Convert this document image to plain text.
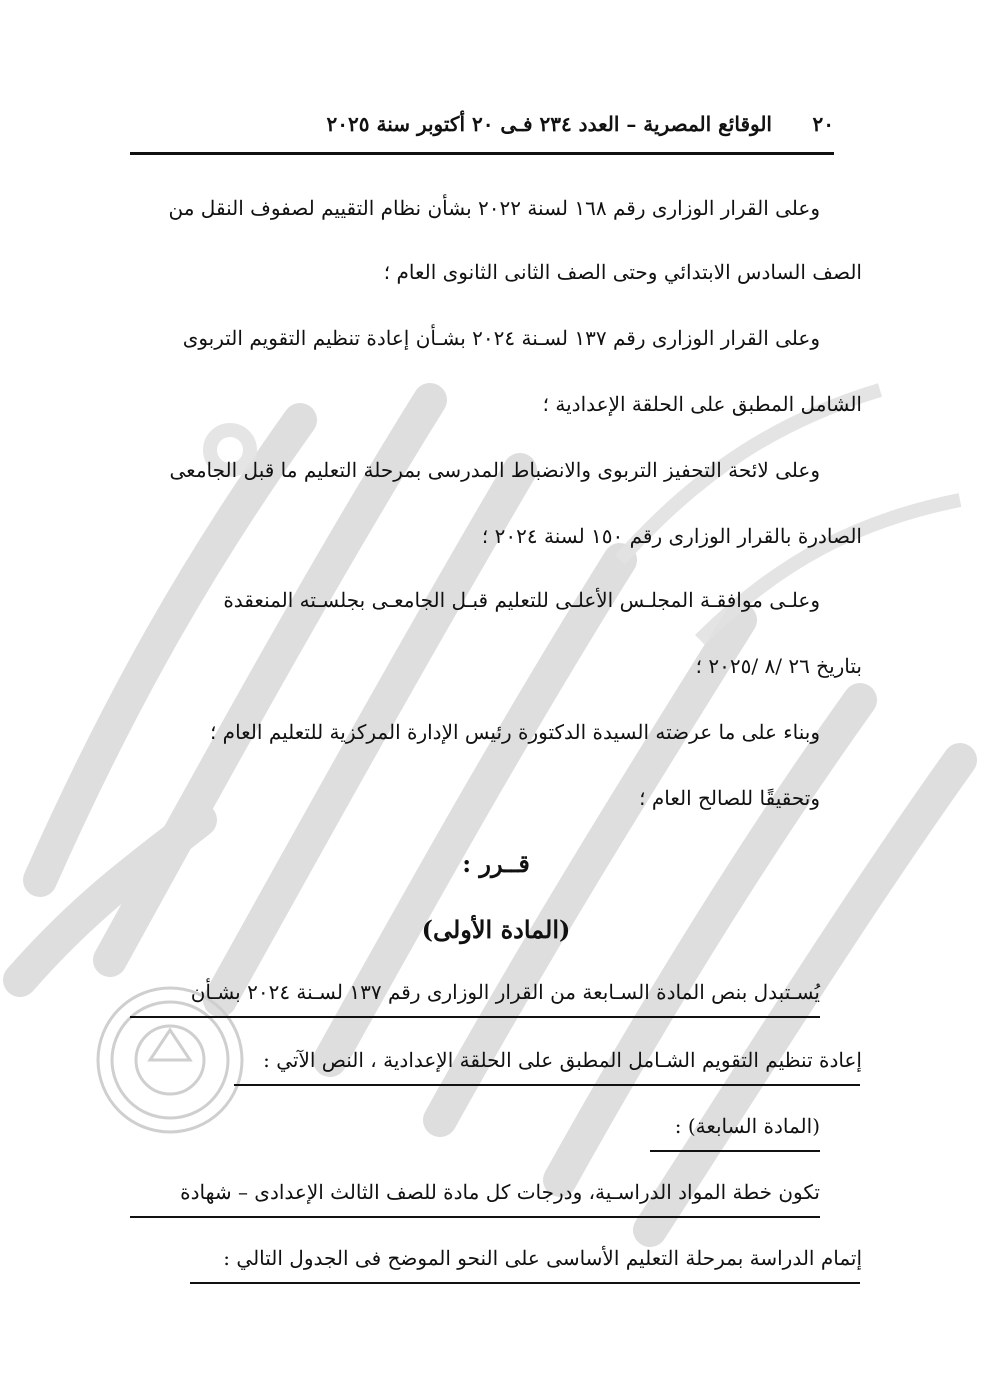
٢٠
الوقائع المصرية – العدد ٢٣٤ فـى ٢٠ أكتوبر سنة ٢٠٢٥
وعلى القرار الوزارى رقم ١٦٨ لسنة ٢٠٢٢ بشأن نظام التقييم لصفوف النقل من
الصف السادس الابتدائي وحتى الصف الثانى الثانوى العام ؛
وعلى القرار الوزارى رقم ١٣٧ لسـنة ٢٠٢٤ بشـأن إعادة تنظيم التقويم التربوى
الشامل المطبق على الحلقة الإعدادية ؛
وعلى لائحة التحفيز التربوى والانضباط المدرسى بمرحلة التعليم ما قبل الجامعى
الصادرة بالقرار الوزارى رقم ١٥٠ لسنة ٢٠٢٤ ؛
وعلـى موافقـة المجلـس الأعلـى للتعليم قبـل الجامعـى بجلسـته المنعقدة
بتاريخ ٢٦ /٨ /٢٠٢٥ ؛
وبناء على ما عرضته السيدة الدكتورة رئيس الإدارة المركزية للتعليم العام ؛
وتحقيقًا للصالح العام ؛
قــرر :
(المادة الأولى)
يُسـتبدل بنص المادة السـابعة من القرار الوزارى رقم ١٣٧ لسـنة ٢٠٢٤ بشـأن
إعادة تنظيم التقويم الشـامل المطبق على الحلقة الإعدادية ، النص الآتي :
(المادة السابعة) :
تكون خطة المواد الدراسـية، ودرجات كل مادة للصف الثالث الإعدادى – شهادة
إتمام الدراسة بمرحلة التعليم الأساسى على النحو الموضح فى الجدول التالي :
